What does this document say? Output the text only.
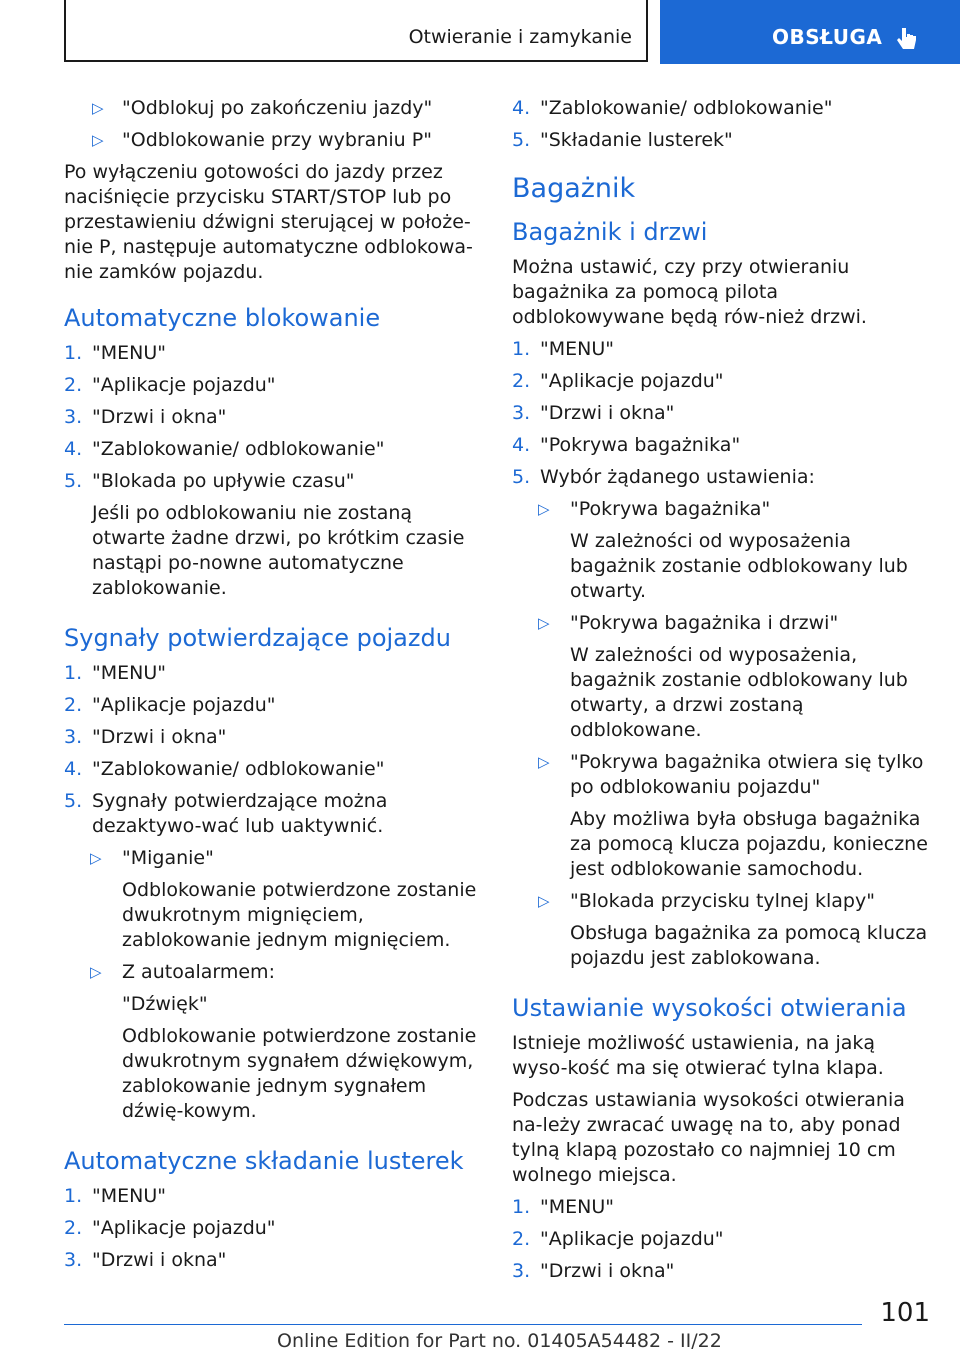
Otwieranie i zamykanie	OBSŁUGA
▷ "Odblokuj po zakończeniu jazdy"
▷ "Odblokowanie przy wybraniu P"
Po wyłączeniu gotowości do jazdy przez naciśnięcie przycisku START/STOP lub po przestawieniu dźwigni sterującej w położe-nie P, następuje automatyczne odblokowa-nie zamków pojazdu.
Automatyczne blokowanie
1. "MENU"
2. "Aplikacje pojazdu"
3. "Drzwi i okna"
4. "Zablokowanie/ odblokowanie"
5. "Blokada po upływie czasu"
Jeśli po odblokowaniu nie zostaną otwarte żadne drzwi, po krótkim czasie nastąpi po-nowne automatyczne zablokowanie.
Sygnały potwierdzające pojazdu
1. "MENU"
2. "Aplikacje pojazdu"
3. "Drzwi i okna"
4. "Zablokowanie/ odblokowanie"
5. Sygnały potwierdzające można dezaktywo-wać lub uaktywnić.
▷ "Miganie"
Odblokowanie potwierdzone zostanie dwukrotnym mignięciem, zablokowanie jednym mignięciem.
▷ Z autoalarmem:
"Dźwięk"
Odblokowanie potwierdzone zostanie dwukrotnym sygnałem dźwiękowym, zablokowanie jednym sygnałem dźwię-kowym.
Automatyczne składanie lusterek
1. "MENU"
2. "Aplikacje pojazdu"
3. "Drzwi i okna"
4. "Zablokowanie/ odblokowanie"
5. "Składanie lusterek"
Bagażnik
Bagażnik i drzwi
Można ustawić, czy przy otwieraniu bagażnika za pomocą pilota odblokowywane będą rów-nież drzwi.
1. "MENU"
2. "Aplikacje pojazdu"
3. "Drzwi i okna"
4. "Pokrywa bagażnika"
5. Wybór żądanego ustawienia:
▷ "Pokrywa bagażnika"
W zależności od wyposażenia bagażnik zostanie odblokowany lub otwarty.
▷ "Pokrywa bagażnika i drzwi"
W zależności od wyposażenia, bagażnik zostanie odblokowany lub otwarty, a drzwi zostaną odblokowane.
▷ "Pokrywa bagażnika otwiera się tylko po odblokowaniu pojazdu"
Aby możliwa była obsługa bagażnika za pomocą klucza pojazdu, konieczne jest odblokowanie samochodu.
▷ "Blokada przycisku tylnej klapy"
Obsługa bagażnika za pomocą klucza pojazdu jest zablokowana.
Ustawianie wysokości otwierania
Istnieje możliwość ustawienia, na jaką wyso-kość ma się otwierać tylna klapa.
Podczas ustawiania wysokości otwierania na-leży zwracać uwagę na to, aby ponad tylną klapą pozostało co najmniej 10 cm wolnego miejsca.
1. "MENU"
2. "Aplikacje pojazdu"
3. "Drzwi i okna"
101
Online Edition for Part no. 01405A54482 - II/22
